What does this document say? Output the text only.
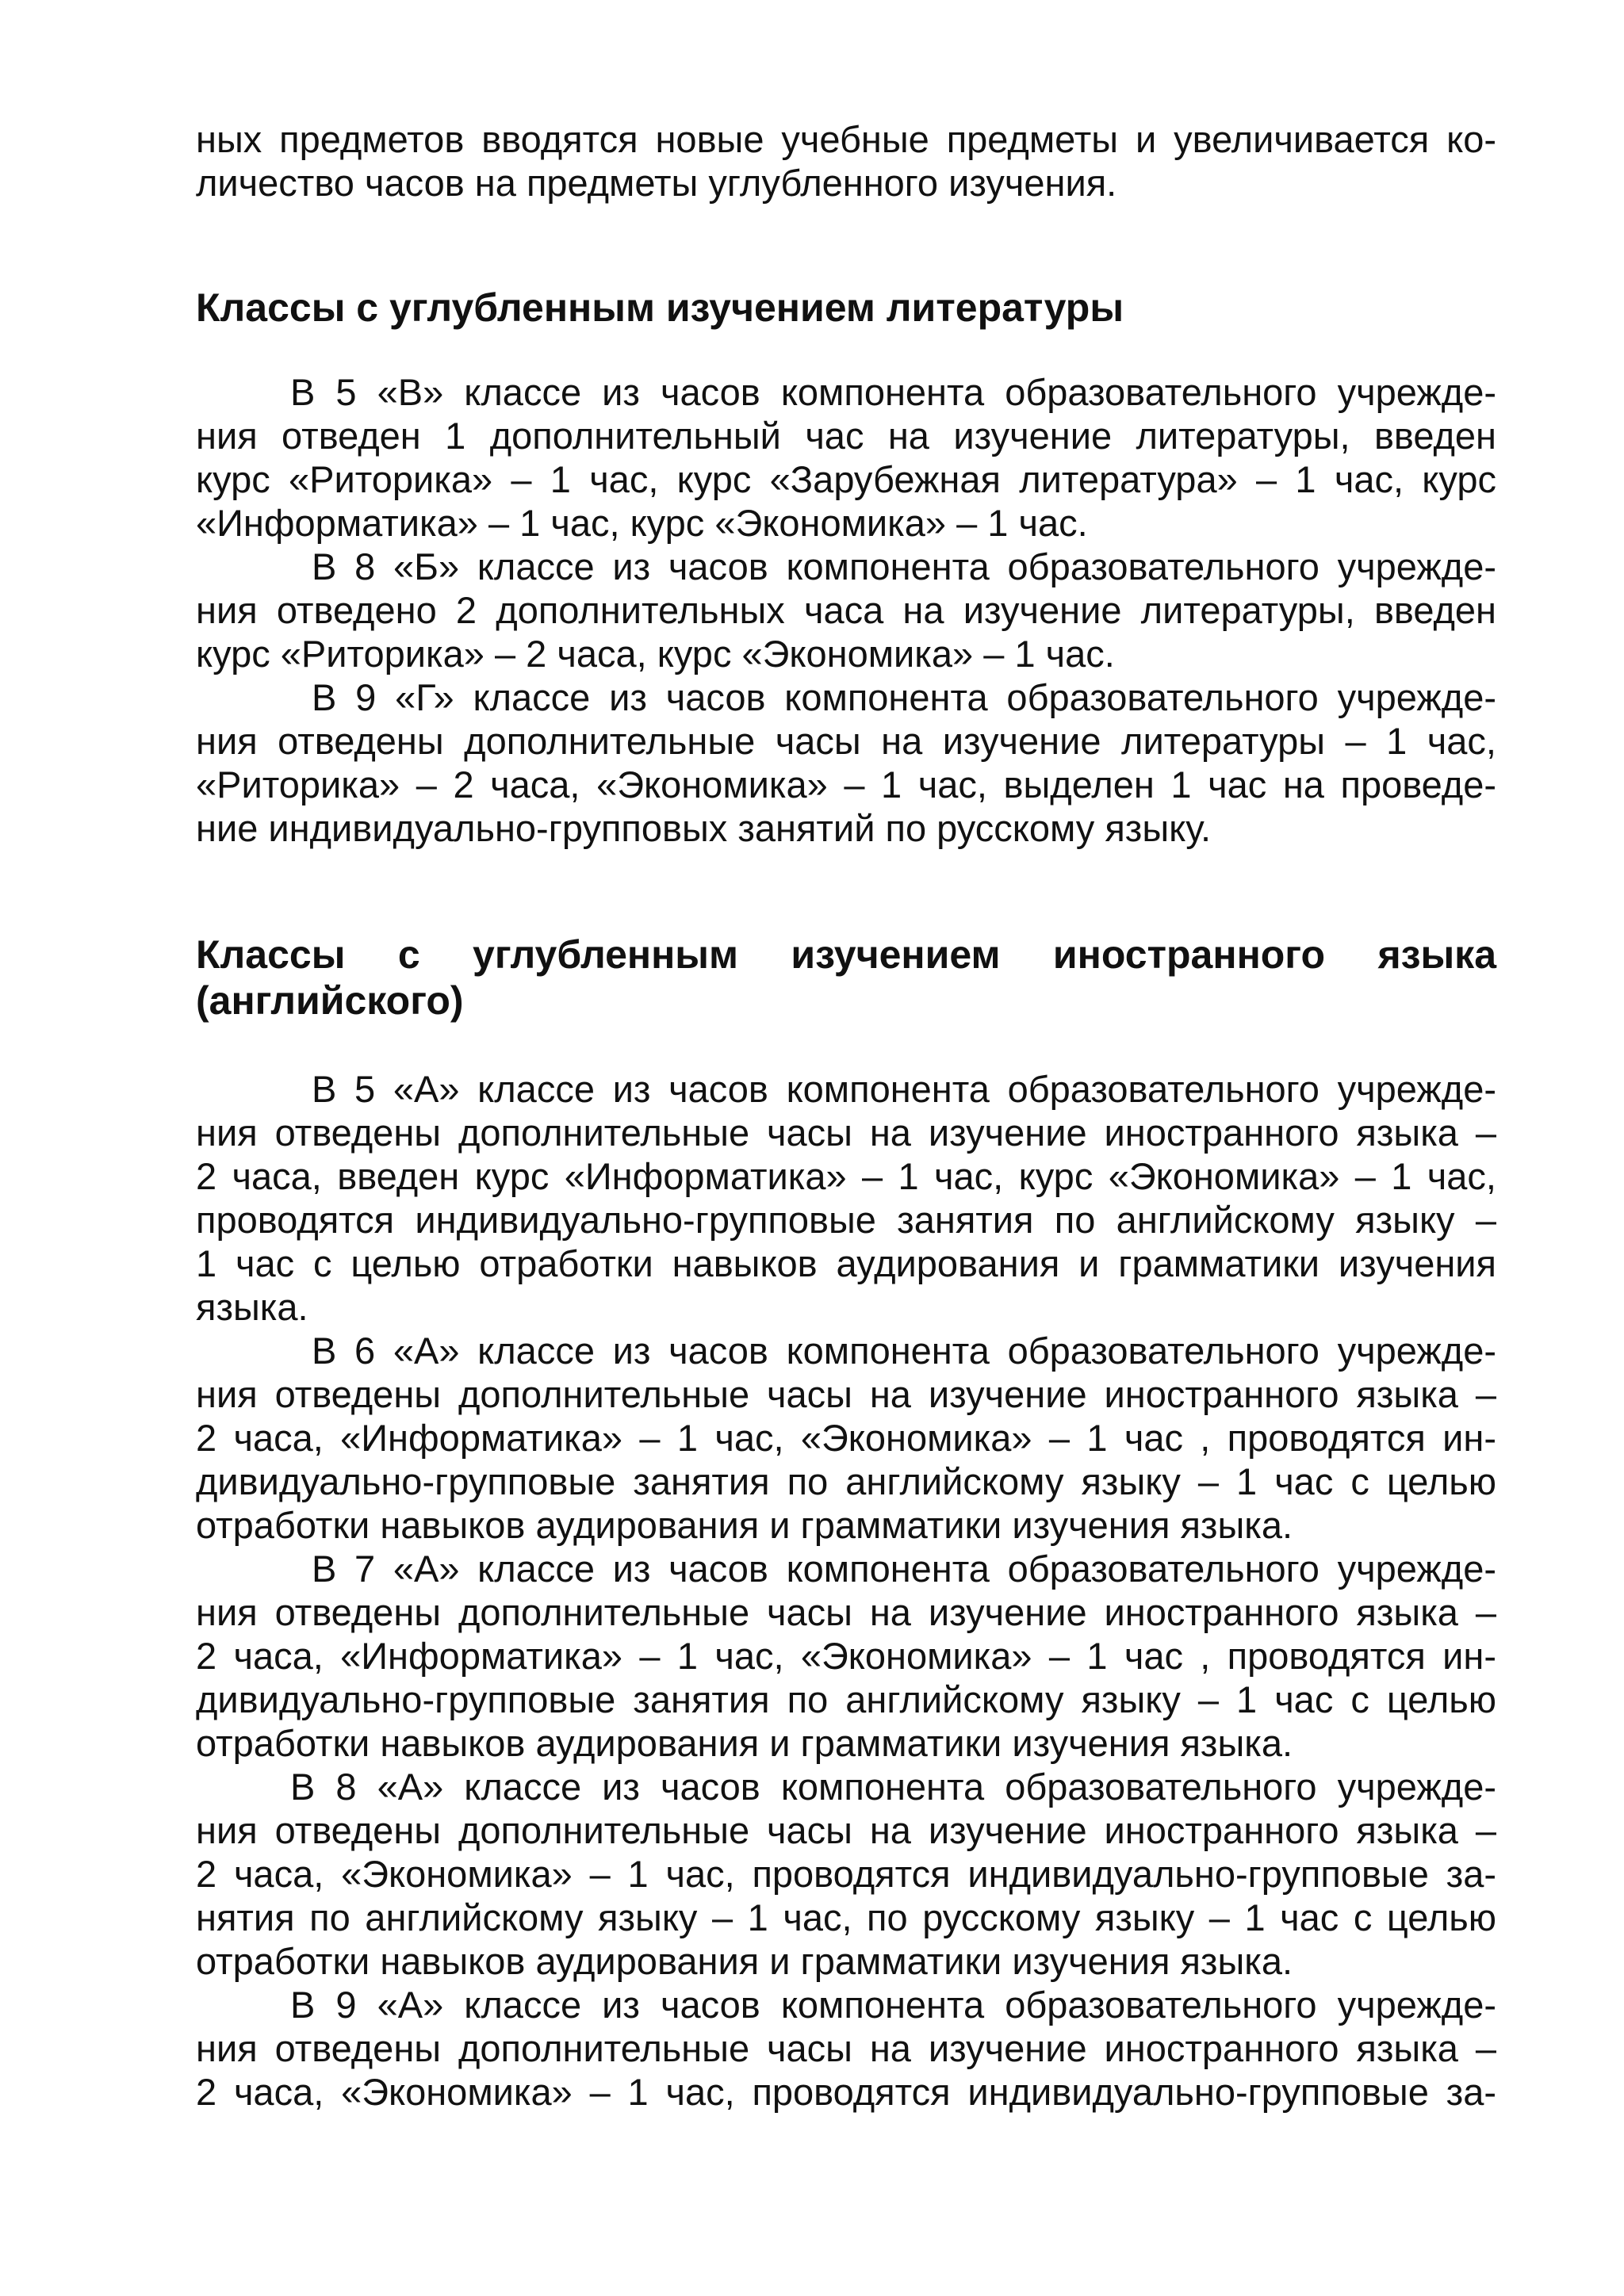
ных предметов вводятся новые учебные предметы и увеличивается ко-
личество часов на предметы углубленного изучения.
Классы с углубленным изучением литературы
В 5 «В» классе из часов компонента образовательного учрежде-
ния отведен 1 дополнительный час на изучение литературы, введен
курс «Риторика» – 1 час, курс «Зарубежная литература» – 1 час, курс
«Информатика» – 1 час, курс «Экономика» – 1 час.
В 8 «Б» классе из часов компонента образовательного учрежде-
ния отведено 2 дополнительных часа на изучение литературы, введен
курс «Риторика» – 2 часа, курс «Экономика» – 1 час.
В 9 «Г» классе из часов компонента образовательного учрежде-
ния отведены дополнительные часы на изучение литературы – 1 час,
«Риторика» – 2 часа, «Экономика» – 1 час, выделен 1 час на проведе-
ние индивидуально-групповых занятий по русскому языку.
Классы с углубленным изучением иностранного языка
(английского)
В 5 «А» классе из часов компонента образовательного учрежде-
ния отведены дополнительные часы на изучение иностранного языка –
2 часа, введен курс «Информатика» – 1 час, курс «Экономика» – 1 час,
проводятся индивидуально-групповые занятия по английскому языку –
1 час с целью отработки навыков аудирования и грамматики изучения
языка.
В 6 «А» классе из часов компонента образовательного учрежде-
ния отведены дополнительные часы на изучение иностранного языка –
2 часа, «Информатика» – 1 час, «Экономика» – 1 час , проводятся ин-
дивидуально-групповые занятия по английскому языку – 1 час с целью
отработки навыков аудирования и грамматики изучения языка.
В 7 «А» классе из часов компонента образовательного учрежде-
ния отведены дополнительные часы на изучение иностранного языка –
2 часа, «Информатика» – 1 час, «Экономика» – 1 час , проводятся ин-
дивидуально-групповые занятия по английскому языку – 1 час с целью
отработки навыков аудирования и грамматики изучения языка.
В 8 «А» классе из часов компонента образовательного учрежде-
ния отведены дополнительные часы на изучение иностранного языка –
2 часа, «Экономика» – 1 час, проводятся индивидуально-групповые за-
нятия по английскому языку – 1 час, по русскому языку – 1 час с целью
отработки навыков аудирования и грамматики изучения языка.
В 9 «А» классе из часов компонента образовательного учрежде-
ния отведены дополнительные часы на изучение иностранного языка –
2 часа, «Экономика» – 1 час, проводятся индивидуально-групповые за-
